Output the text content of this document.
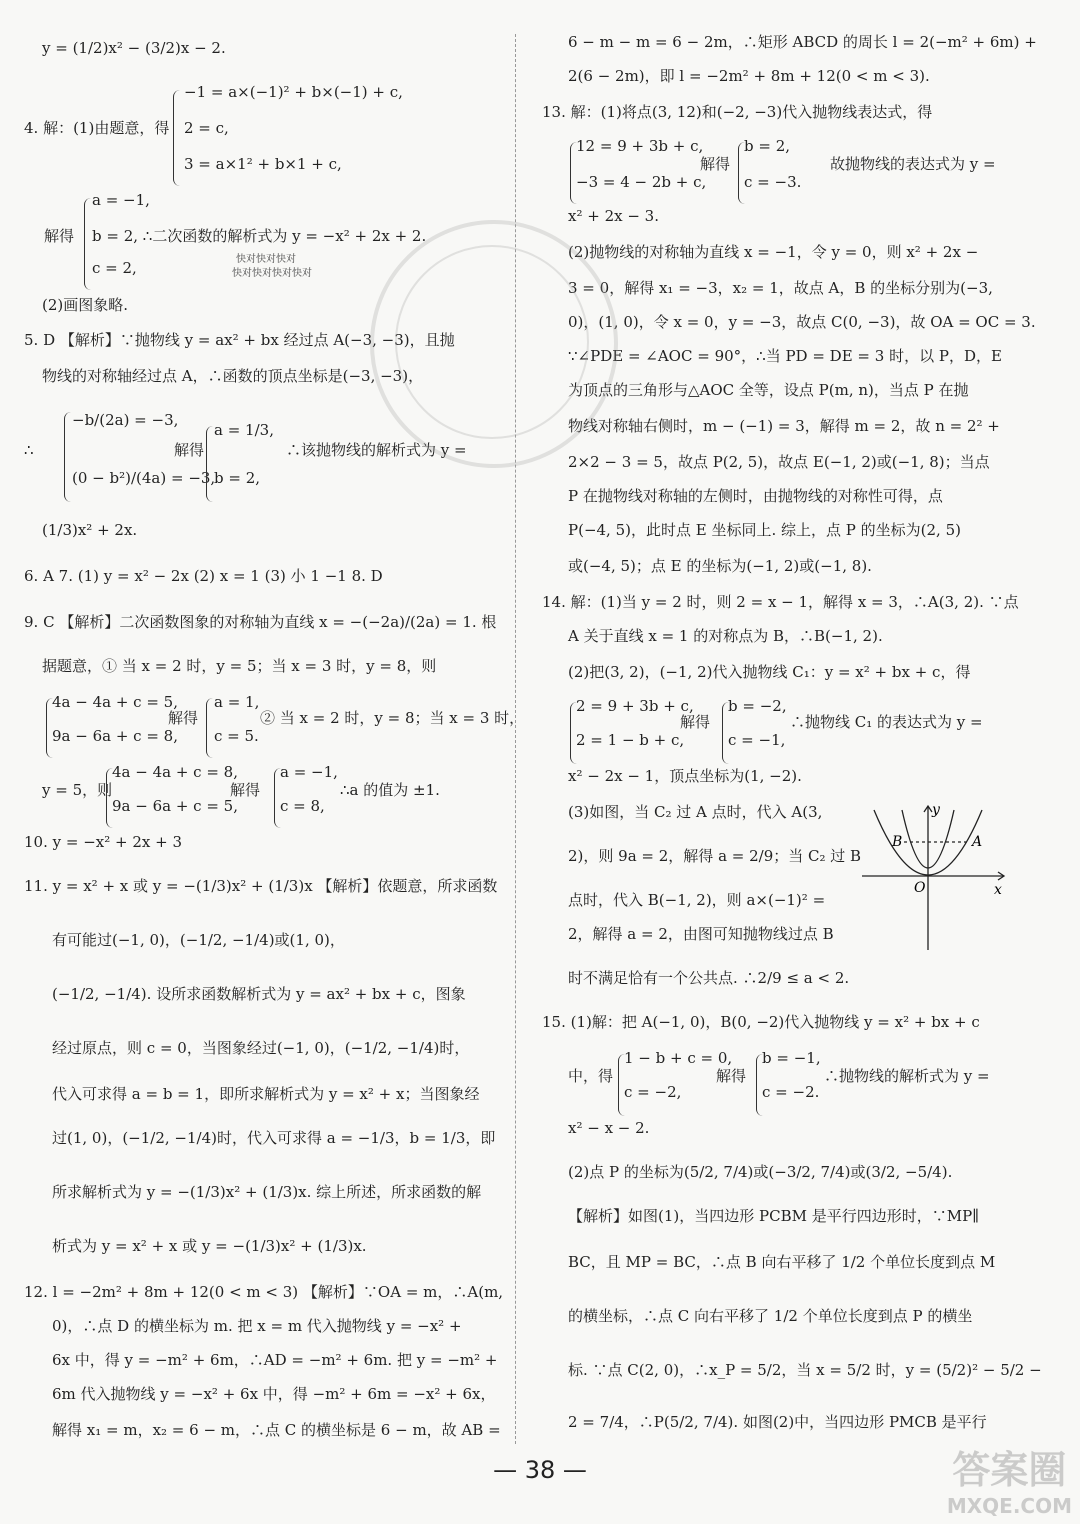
y = (1/2)x² − (3/2)x − 2.
−1 = a×(−1)² + b×(−1) + c,
4. 解：(1)由题意，得 2 = c,
3 = a×1² + b×1 + c,
a = −1,
解得 b = 2, ∴二次函数的解析式为 y = −x² + 2x + 2.
c = 2,
(2)画图象略.
5. D 【解析】∵抛物线 y = ax² + bx 经过点 A(−3, −3)，且抛
物线的对称轴经过点 A，∴函数的顶点坐标是(−3, −3)，
−b/(2a) = −3,
a = 1/3,
∴	解得	∴该抛物线的解析式为 y =
(0 − b²)/(4a) = −3,
b = 2,
(1/3)x² + 2x.
6. A 7. (1) y = x² − 2x (2) x = 1 (3) 小 1 −1 8. D
9. C 【解析】二次函数图象的对称轴为直线 x = −(−2a)/(2a) = 1. 根
据题意，① 当 x = 2 时，y = 5；当 x = 3 时，y = 8，则
4a − 4a + c = 5, a = 1,
解得	② 当 x = 2 时，y = 8；当 x = 3 时，
9a − 6a + c = 8, c = 5.
4a − 4a + c = 8,	a = −1,
y = 5，则	解得	∴a 的值为 ±1.
9a − 6a + c = 5,	c = 8,
10. y = −x² + 2x + 3
11. y = x² + x 或 y = −(1/3)x² + (1/3)x 【解析】依题意，所求函数
有可能过(−1, 0)，(−1/2, −1/4)或(1, 0)，
(−1/2, −1/4). 设所求函数解析式为 y = ax² + bx + c，图象
经过原点，则 c = 0，当图象经过(−1, 0)，(−1/2, −1/4)时，
代入可求得 a = b = 1，即所求解析式为 y = x² + x；当图象经
过(1, 0)，(−1/2, −1/4)时，代入可求得 a = −1/3，b = 1/3，即
所求解析式为 y = −(1/3)x² + (1/3)x. 综上所述，所求函数的解
析式为 y = x² + x 或 y = −(1/3)x² + (1/3)x.
12. l = −2m² + 8m + 12(0 < m < 3) 【解析】∵OA = m，∴A(m,
0)，∴点 D 的横坐标为 m. 把 x = m 代入抛物线 y = −x² +
6x 中，得 y = −m² + 6m，∴AD = −m² + 6m. 把 y = −m² +
6m 代入抛物线 y = −x² + 6x 中，得 −m² + 6m = −x² + 6x，
解得 x₁ = m，x₂ = 6 − m，∴点 C 的横坐标是 6 − m，故 AB =
6 − m − m = 6 − 2m，∴矩形 ABCD 的周长 l = 2(−m² + 6m) +
2(6 − 2m)，即 l = −2m² + 8m + 12(0 < m < 3).
13. 解：(1)将点(3, 12)和(−2, −3)代入抛物线表达式，得
12 = 9 + 3b + c,	b = 2,
解得	故抛物线的表达式为 y =
−3 = 4 − 2b + c,	c = −3.
x² + 2x − 3.
(2)抛物线的对称轴为直线 x = −1，令 y = 0，则 x² + 2x −
3 = 0，解得 x₁ = −3，x₂ = 1，故点 A，B 的坐标分别为(−3,
0)，(1, 0)，令 x = 0，y = −3，故点 C(0, −3)，故 OA = OC = 3.
∵∠PDE = ∠AOC = 90°，∴当 PD = DE = 3 时，以 P，D，E
为顶点的三角形与△AOC 全等，设点 P(m, n)，当点 P 在抛
物线对称轴右侧时，m − (−1) = 3，解得 m = 2，故 n = 2² +
2×2 − 3 = 5，故点 P(2, 5)，故点 E(−1, 2)或(−1, 8)；当点
P 在抛物线对称轴的左侧时，由抛物线的对称性可得，点
P(−4, 5)，此时点 E 坐标同上. 综上，点 P 的坐标为(2, 5)
或(−4, 5)；点 E 的坐标为(−1, 2)或(−1, 8).
14. 解：(1)当 y = 2 时，则 2 = x − 1，解得 x = 3，∴A(3, 2). ∵点
A 关于直线 x = 1 的对称点为 B，∴B(−1, 2).
(2)把(3, 2)，(−1, 2)代入抛物线 C₁：y = x² + bx + c，得
2 = 9 + 3b + c, b = −2,
解得	∴抛物线 C₁ 的表达式为 y =
2 = 1 − b + c,	c = −1,
x² − 2x − 1，顶点坐标为(1, −2).
(3)如图，当 C₂ 过 A 点时，代入 A(3,
2)，则 9a = 2，解得 a = 2/9；当 C₂ 过 B
点时，代入 B(−1, 2)，则 a×(−1)² =
2，解得 a = 2，由图可知抛物线过点 B
时不满足恰有一个公共点. ∴2/9 ≤ a < 2.
15. (1)解：把 A(−1, 0)，B(0, −2)代入抛物线 y = x² + bx + c
1 − b + c = 0, b = −1,
中，得	解得	∴抛物线的解析式为 y =
c = −2,	c = −2.
x² − x − 2.
(2)点 P 的坐标为(5/2, 7/4)或(−3/2, 7/4)或(3/2, −5/4).
【解析】如图(1)，当四边形 PCBM 是平行四边形时，∵MP∥
BC，且 MP = BC，∴点 B 向右平移了 1/2 个单位长度到点 M
的横坐标，∴点 C 向右平移了 1/2 个单位长度到点 P 的横坐
标. ∵点 C(2, 0)，∴x_P = 5/2，当 x = 5/2 时，y = (5/2)² − 5/2 −
2 = 7/4，∴P(5/2, 7/4). 如图(2)中，当四边形 PMCB 是平行
快对快对快对
快对快对快对快对
y
x
O
A
B
— 38 —	答案圈
MXQE.COM
